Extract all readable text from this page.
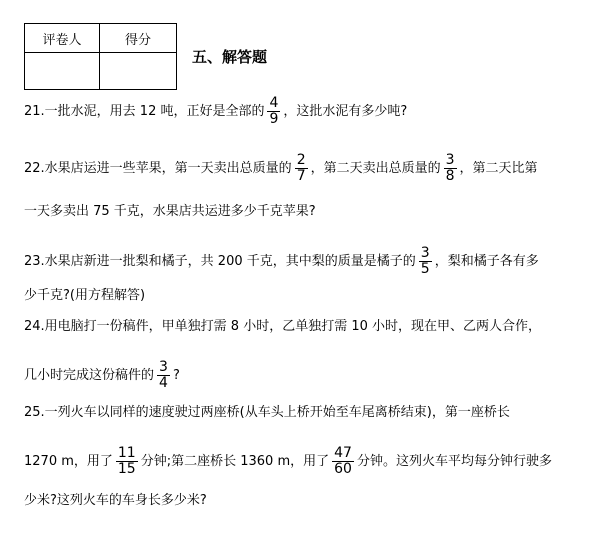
评卷人	得分

五、解答题
21.一批水泥，用去 12 吨，正好是全部的 $\frac{4}{9}$ ，这批水泥有多少吨?
22.水果店运进一些苹果，第一天卖出总质量的 $\frac{2}{7}$ ，第二天卖出总质量的 $\frac{3}{8}$ ，第二天比第
一天多卖出 75 千克，水果店共运进多少千克苹果?
23.水果店新进一批梨和橘子，共 200 千克，其中梨的质量是橘子的 $\frac{3}{5}$ ，梨和橘子各有多
少千克?(用方程解答)
24.用电脑打一份稿件，甲单独打需 8 小时，乙单独打需 10 小时，现在甲、乙两人合作，
几小时完成这份稿件的 $\frac{3}{4}$ ?
25.一列火车以同样的速度驶过两座桥(从车头上桥开始至车尾离桥结束)，第一座桥长
1270 m，用了 $\frac{11}{15}$ 分钟;第二座桥长 1360 m，用了 $\frac{47}{60}$ 分钟。这列火车平均每分钟行驶多
少米?这列火车的车身长多少米?
